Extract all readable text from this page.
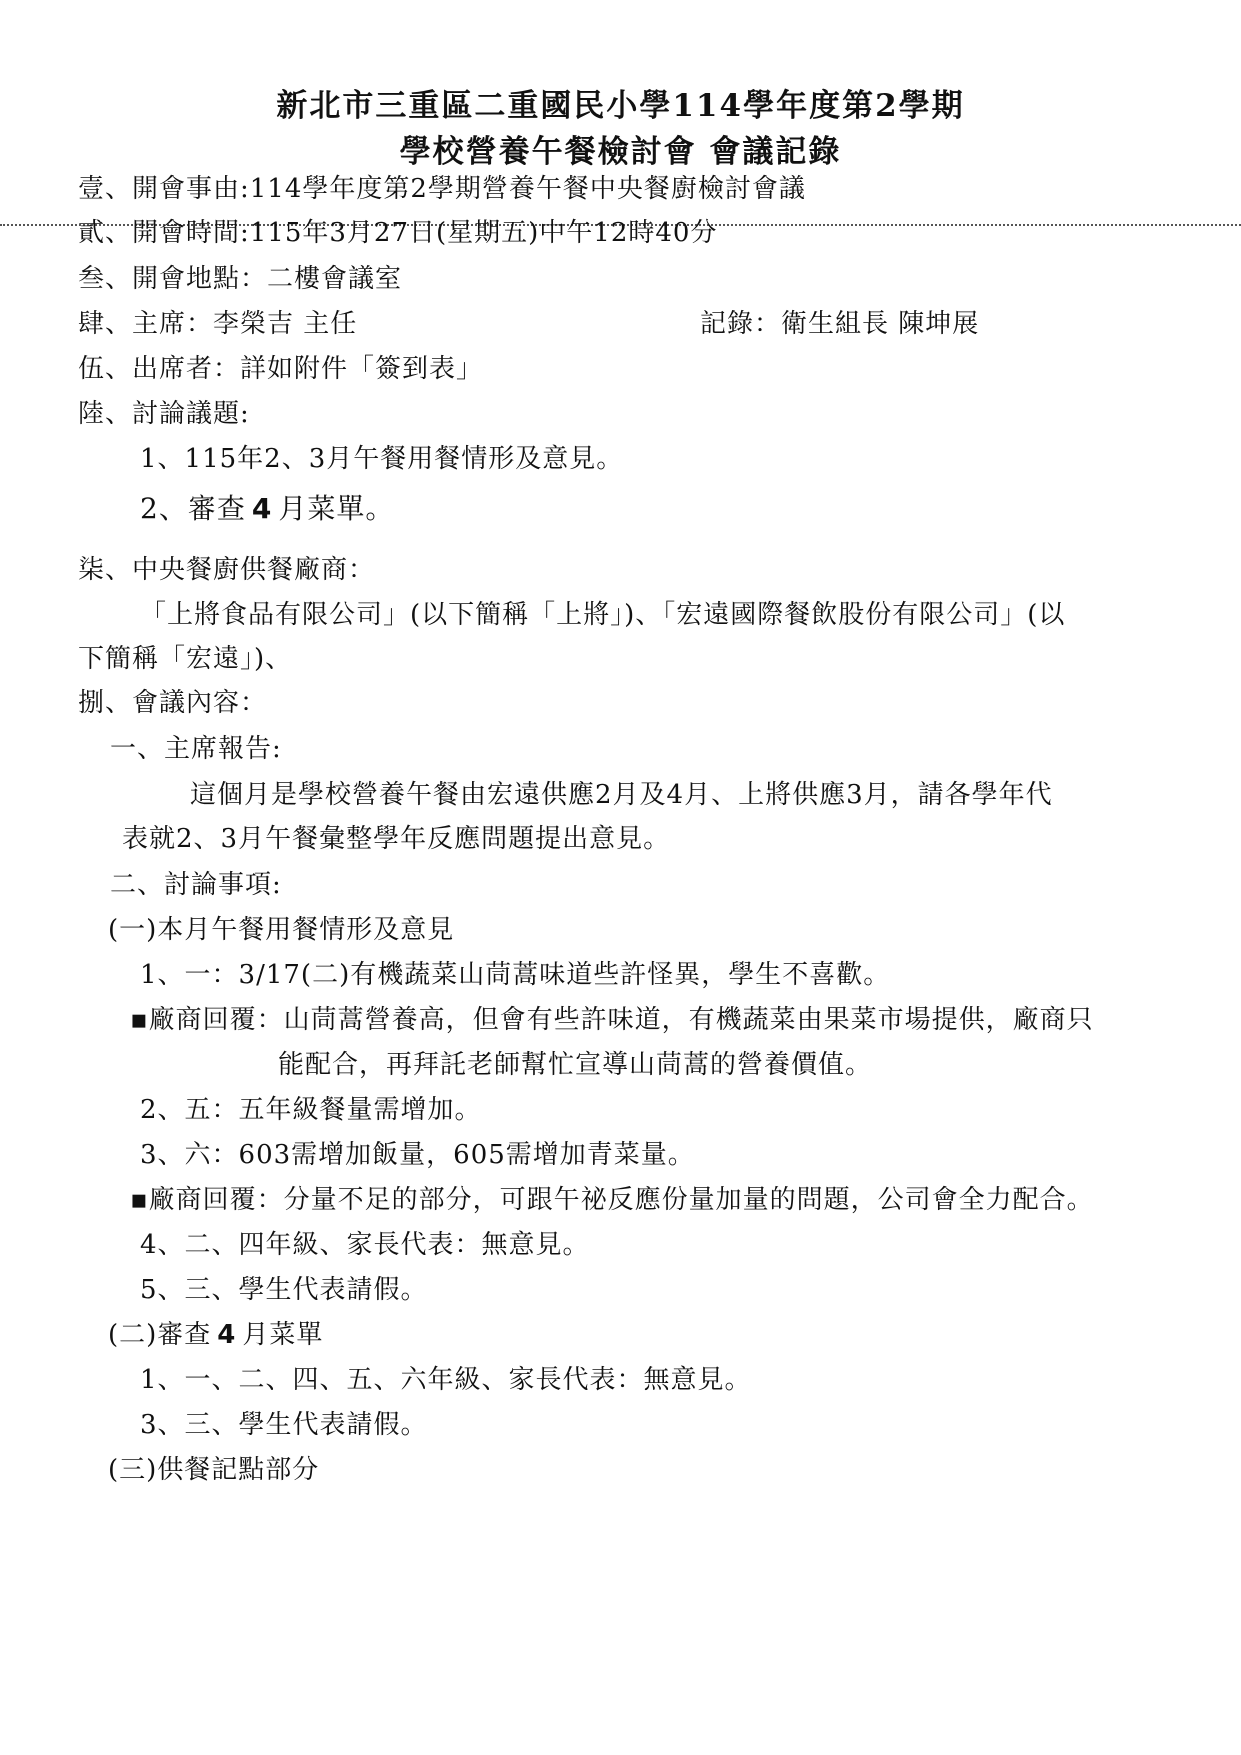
新北市三重區二重國民小學114學年度第2學期
學校營養午餐檢討會 會議記錄
壹、開會事由:114學年度第2學期營養午餐中央餐廚檢討會議
貳、開會時間:115年3月27日(星期五)中午12時40分
叁、開會地點：二樓會議室
肆、主席：李榮吉 主任	記錄：衛生組長 陳坤展
伍、出席者：詳如附件「簽到表」
陸、討論議題:
1、115年2、3月午餐用餐情形及意見。
2、審查 4 月菜單。
柒、中央餐廚供餐廠商：
「上將食品有限公司」(以下簡稱「上將」)、「宏遠國際餐飲股份有限公司」(以
下簡稱「宏遠」)、
捌、會議內容：
一、主席報告:
這個月是學校營養午餐由宏遠供應2月及4月、上將供應3月，請各學年代
表就2、3月午餐彙整學年反應問題提出意見。
二、討論事項:
(一)本月午餐用餐情形及意見
1、一：3/17(二)有機蔬菜山茼蒿味道些許怪異，學生不喜歡。
▪廠商回覆：山茼蒿營養高，但會有些許味道，有機蔬菜由果菜市場提供，廠商只
能配合，再拜託老師幫忙宣導山茼蒿的營養價值。
2、五：五年級餐量需增加。
3、六：603需增加飯量，605需增加青菜量。
▪廠商回覆：分量不足的部分，可跟午祕反應份量加量的問題，公司會全力配合。
4、二、四年級、家長代表：無意見。
5、三、學生代表請假。
(二)審查 4 月菜單
1、一、二、四、五、六年級、家長代表：無意見。
3、三、學生代表請假。
(三)供餐記點部分
